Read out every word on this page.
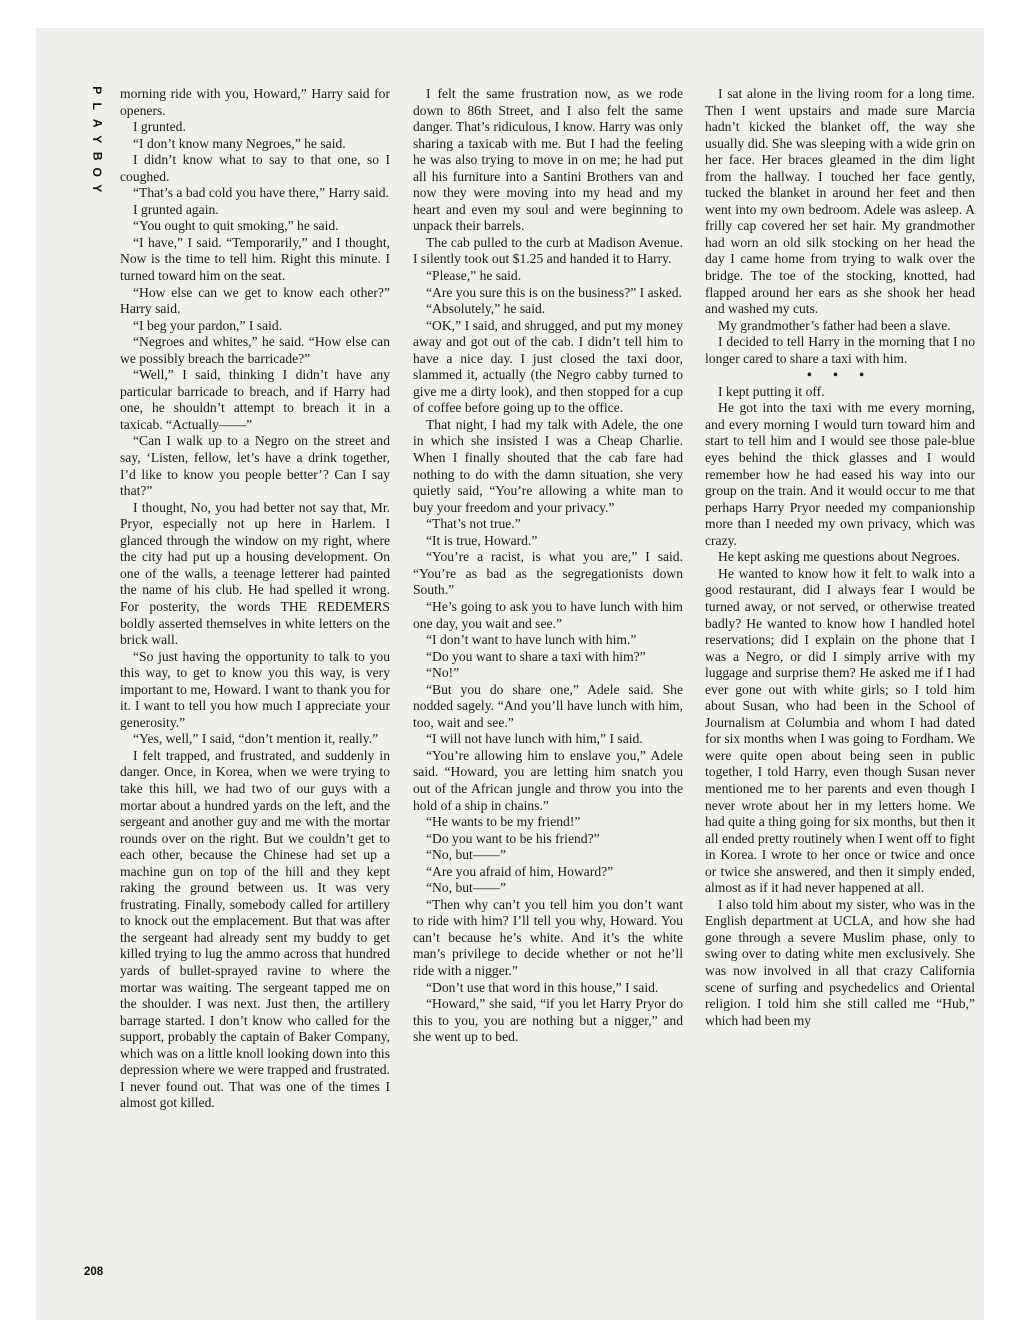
P
L
A
Y
B
O
Y

morning ride with you, Howard,” Harry said for openers.

I grunted.

“I don’t know many Negroes,” he said.

I didn’t know what to say to that one, so I coughed.

“That’s a bad cold you have there,” Harry said.

I grunted again.

“You ought to quit smoking,” he said.

“I have,” I said. “Temporarily,” and I thought, Now is the time to tell him. Right this minute. I turned toward him on the seat.

“How else can we get to know each other?” Harry said.

“I beg your pardon,” I said.

“Negroes and whites,” he said. “How else can we possibly breach the barricade?”

“Well,” I said, thinking I didn’t have any particular barricade to breach, and if Harry had one, he shouldn’t attempt to breach it in a taxicab. “Actually——”

“Can I walk up to a Negro on the street and say, ‘Listen, fellow, let’s have a drink together, I’d like to know you people better’? Can I say that?”

I thought, No, you had better not say that, Mr. Pryor, especially not up here in Harlem. I glanced through the window on my right, where the city had put up a housing development. On one of the walls, a teenage letterer had painted the name of his club. He had spelled it wrong. For posterity, the words THE REDEMERS boldly asserted themselves in white letters on the brick wall.

“So just having the opportunity to talk to you this way, to get to know you this way, is very important to me, Howard. I want to thank you for it. I want to tell you how much I appreciate your generosity.”

“Yes, well,” I said, “don’t mention it, really.”

I felt trapped, and frustrated, and suddenly in danger. Once, in Korea, when we were trying to take this hill, we had two of our guys with a mortar about a hundred yards on the left, and the sergeant and another guy and me with the mortar rounds over on the right. But we couldn’t get to each other, because the Chinese had set up a machine gun on top of the hill and they kept raking the ground between us. It was very frustrating. Finally, somebody called for artillery to knock out the emplacement. But that was after the sergeant had already sent my buddy to get killed trying to lug the ammo across that hundred yards of bullet-sprayed ravine to where the mortar was waiting. The sergeant tapped me on the shoulder. I was next. Just then, the artillery barrage started. I don’t know who called for the support, probably the captain of Baker Company, which was on a little knoll looking down into this depression where we were trapped and frustrated. I never found out. That was one of the times I almost got killed.

I felt the same frustration now, as we rode down to 86th Street, and I also felt the same danger. That’s ridiculous, I know. Harry was only sharing a taxicab with me. But I had the feeling he was also trying to move in on me; he had put all his furniture into a Santini Brothers van and now they were moving into my head and my heart and even my soul and were beginning to unpack their barrels.

The cab pulled to the curb at Madison Avenue. I silently took out $1.25 and handed it to Harry.

“Please,” he said.

“Are you sure this is on the business?” I asked.

“Absolutely,” he said.

“OK,” I said, and shrugged, and put my money away and got out of the cab. I didn’t tell him to have a nice day. I just closed the taxi door, slammed it, actually (the Negro cabby turned to give me a dirty look), and then stopped for a cup of coffee before going up to the office.

That night, I had my talk with Adele, the one in which she insisted I was a Cheap Charlie. When I finally shouted that the cab fare had nothing to do with the damn situation, she very quietly said, “You’re allowing a white man to buy your freedom and your privacy.”

“That’s not true.”

“It is true, Howard.”

“You’re a racist, is what you are,” I said. “You’re as bad as the segregationists down South.”

“He’s going to ask you to have lunch with him one day, you wait and see.”

“I don’t want to have lunch with him.”

“Do you want to share a taxi with him?”

“No!”

“But you do share one,” Adele said. She nodded sagely. “And you’ll have lunch with him, too, wait and see.”

“I will not have lunch with him,” I said.

“You’re allowing him to enslave you,” Adele said. “Howard, you are letting him snatch you out of the African jungle and throw you into the hold of a ship in chains.”

“He wants to be my friend!”

“Do you want to be his friend?”

“No, but——”

“Are you afraid of him, Howard?”

“No, but——”

“Then why can’t you tell him you don’t want to ride with him? I’ll tell you why, Howard. You can’t because he’s white. And it’s the white man’s privilege to decide whether or not he’ll ride with a nigger.”

“Don’t use that word in this house,” I said.

“Howard,” she said, “if you let Harry Pryor do this to you, you are nothing but a nigger,” and she went up to bed.

I sat alone in the living room for a long time. Then I went upstairs and made sure Marcia hadn’t kicked the blanket off, the way she usually did. She was sleeping with a wide grin on her face. Her braces gleamed in the dim light from the hallway. I touched her face gently, tucked the blanket in around her feet and then went into my own bedroom. Adele was asleep. A frilly cap covered her set hair. My grandmother had worn an old silk stocking on her head the day I came home from trying to walk over the bridge. The toe of the stocking, knotted, had flapped around her ears as she shook her head and washed my cuts.

My grandmother’s father had been a slave.

I decided to tell Harry in the morning that I no longer cared to share a taxi with him.

• • •

I kept putting it off.

He got into the taxi with me every morning, and every morning I would turn toward him and start to tell him and I would see those pale-blue eyes behind the thick glasses and I would remember how he had eased his way into our group on the train. And it would occur to me that perhaps Harry Pryor needed my companionship more than I needed my own privacy, which was crazy.

He kept asking me questions about Negroes.

He wanted to know how it felt to walk into a good restaurant, did I always fear I would be turned away, or not served, or otherwise treated badly? He wanted to know how I handled hotel reservations; did I explain on the phone that I was a Negro, or did I simply arrive with my luggage and surprise them? He asked me if I had ever gone out with white girls; so I told him about Susan, who had been in the School of Journalism at Columbia and whom I had dated for six months when I was going to Fordham. We were quite open about being seen in public together, I told Harry, even though Susan never mentioned me to her parents and even though I never wrote about her in my letters home. We had quite a thing going for six months, but then it all ended pretty routinely when I went off to fight in Korea. I wrote to her once or twice and once or twice she answered, and then it simply ended, almost as if it had never happened at all.

I also told him about my sister, who was in the English department at UCLA, and how she had gone through a severe Muslim phase, only to swing over to dating white men exclusively. She was now involved in all that crazy California scene of surfing and psychedelics and Oriental religion. I told him she still called me “Hub,” which had been my

208
